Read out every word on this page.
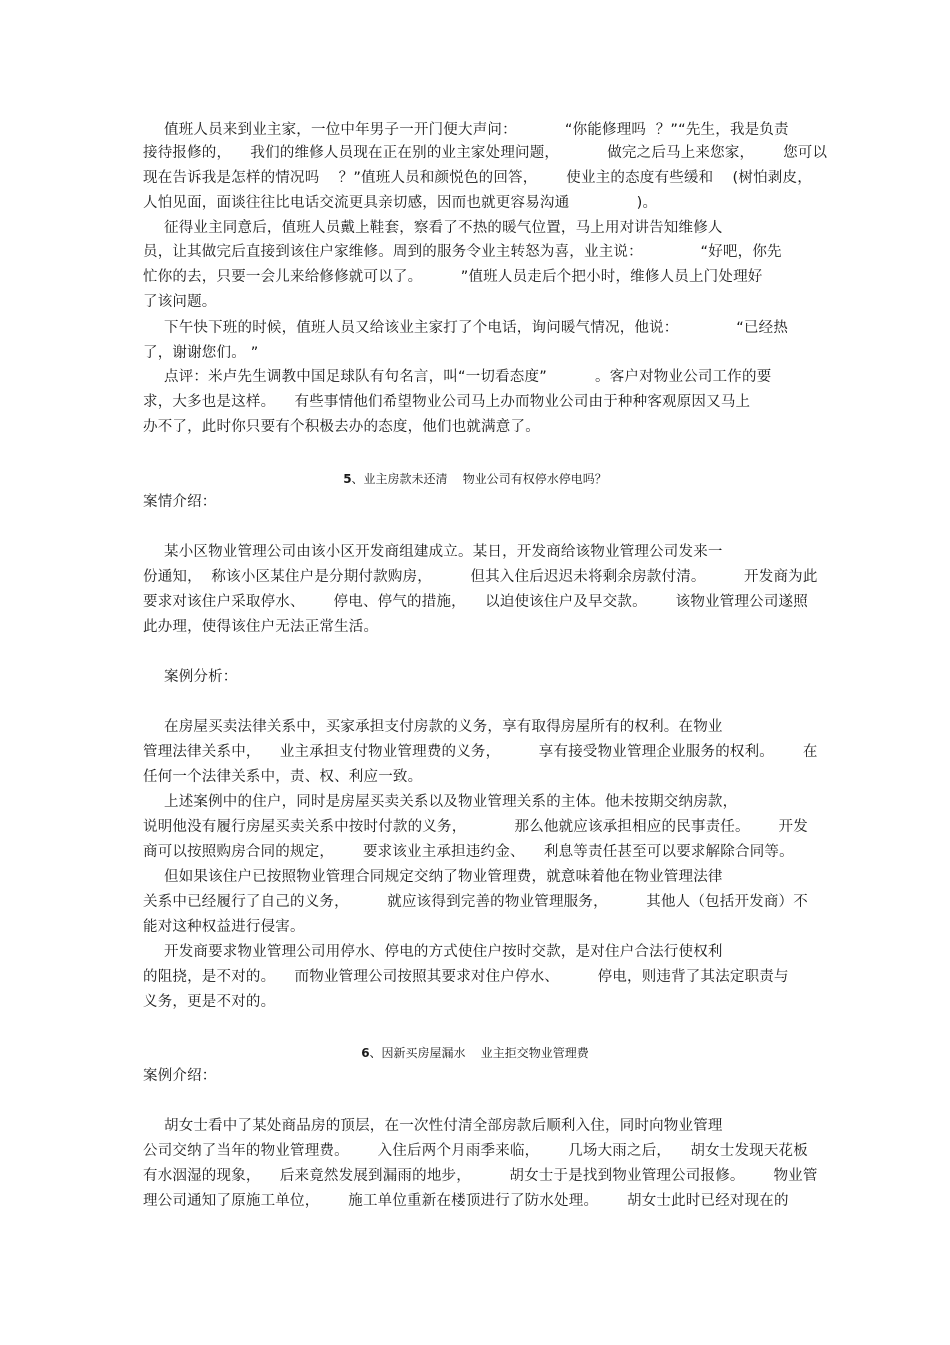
值班人员来到业主家，一位中年男子一开门便大声问：          “你能修理吗  ？”“先生，我是负责
接待报修的，    我们的维修人员现在正在别的业主家处理问题，          做完之后马上来您家，      您可以
现在告诉我是怎样的情况吗    ？”值班人员和颜悦色的回答，      使业主的态度有些缓和    (树怕剥皮，
人怕见面，面谈往往比电话交流更具亲切感，因而也就更容易沟通              )。
征得业主同意后，值班人员戴上鞋套，察看了不热的暖气位置，马上用对讲告知维修人
员，让其做完后直接到该住户家维修。周到的服务令业主转怒为喜，业主说：            “好吧，你先
忙你的去，只要一会儿来给修修就可以了。        ”值班人员走后个把小时，维修人员上门处理好
了该问题。
下午快下班的时候，值班人员又给该业主家打了个电话，询问暖气情况，他说：            “已经热
了，谢谢您们。 ”
点评：米卢先生调教中国足球队有句名言，叫“一切看态度”          。客户对物业公司工作的要
求，大多也是这样。    有些事情他们希望物业公司马上办而物业公司由于种种客观原因又马上
办不了，此时你只要有个积极去办的态度，他们也就满意了。
5、业主房款未还清    物业公司有权停水停电吗？
案情介绍：
某小区物业管理公司由该小区开发商组建成立。某日，开发商给该物业管理公司发来一
份通知，  称该小区某住户是分期付款购房，        但其入住后迟迟未将剩余房款付清。        开发商为此
要求对该住户采取停水、      停电、停气的措施，    以迫使该住户及早交款。      该物业管理公司遂照
此办理，使得该住户无法正常生活。
案例分析：
在房屋买卖法律关系中，买家承担支付房款的义务，享有取得房屋所有的权利。在物业
管理法律关系中，    业主承担支付物业管理费的义务，        享有接受物业管理企业服务的权利。      在
任何一个法律关系中，责、权、利应一致。
上述案例中的住户，同时是房屋买卖关系以及物业管理关系的主体。他未按期交纳房款，
说明他没有履行房屋买卖关系中按时付款的义务，          那么他就应该承担相应的民事责任。      开发
商可以按照购房合同的规定，      要求该业主承担违约金、    利息等责任甚至可以要求解除合同等。
但如果该住户已按照物业管理合同规定交纳了物业管理费，就意味着他在物业管理法律
关系中已经履行了自己的义务，        就应该得到完善的物业管理服务，        其他人（包括开发商）不
能对这种权益进行侵害。
开发商要求物业管理公司用停水、停电的方式使住户按时交款，是对住户合法行使权利
的阻挠，是不对的。    而物业管理公司按照其要求对住户停水、        停电，则违背了其法定职责与
义务，更是不对的。
6、因新买房屋漏水    业主拒交物业管理费
案例介绍：
胡女士看中了某处商品房的顶层，在一次性付清全部房款后顺利入住，同时向物业管理
公司交纳了当年的物业管理费。      入住后两个月雨季来临，      几场大雨之后，    胡女士发现天花板
有水洇湿的现象，    后来竟然发展到漏雨的地步，        胡女士于是找到物业管理公司报修。      物业管
理公司通知了原施工单位，      施工单位重新在楼顶进行了防水处理。      胡女士此时已经对现在的
